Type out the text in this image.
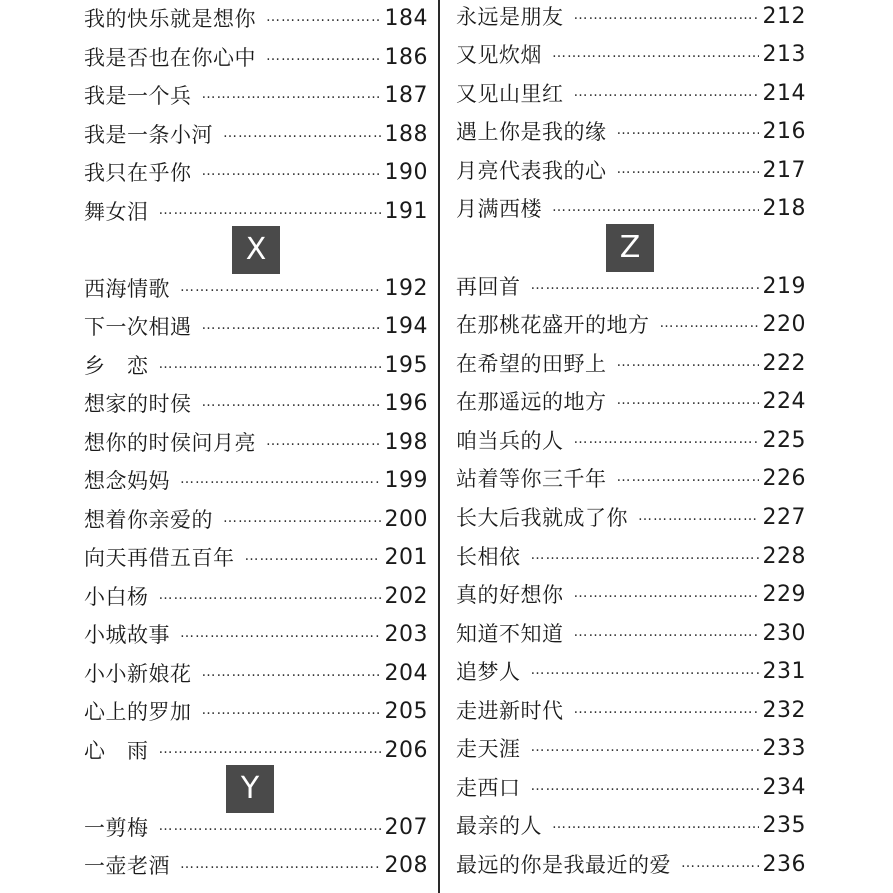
我的快乐就是想你 …………………………………………………………………………………………………………………………	184
我是否也在你心中 …………………………………………………………………………………………………………………………	186
我是一个兵 …………………………………………………………………………………………………………………………	187
我是一条小河 …………………………………………………………………………………………………………………………	188
我只在乎你 …………………………………………………………………………………………………………………………	190
舞女泪 …………………………………………………………………………………………………………………………	191
X
西海情歌 …………………………………………………………………………………………………………………………	192
下一次相遇 …………………………………………………………………………………………………………………………	194
乡　恋 …………………………………………………………………………………………………………………………	195
想家的时侯 …………………………………………………………………………………………………………………………	196
想你的时侯问月亮 …………………………………………………………………………………………………………………………	198
想念妈妈 …………………………………………………………………………………………………………………………	199
想着你亲爱的 …………………………………………………………………………………………………………………………	200
向天再借五百年 …………………………………………………………………………………………………………………………	201
小白杨 …………………………………………………………………………………………………………………………	202
小城故事 …………………………………………………………………………………………………………………………	203
小小新娘花 …………………………………………………………………………………………………………………………	204
心上的罗加 …………………………………………………………………………………………………………………………	205
心　雨 …………………………………………………………………………………………………………………………	206
Y
一剪梅 …………………………………………………………………………………………………………………………	207
一壶老酒 …………………………………………………………………………………………………………………………	208
永远是朋友 …………………………………………………………………………………………………………………………	212
又见炊烟 …………………………………………………………………………………………………………………………	213
又见山里红 …………………………………………………………………………………………………………………………	214
遇上你是我的缘 …………………………………………………………………………………………………………………………	216
月亮代表我的心 …………………………………………………………………………………………………………………………	217
月满西楼 …………………………………………………………………………………………………………………………	218
Z
再回首 …………………………………………………………………………………………………………………………	219
在那桃花盛开的地方 …………………………………………………………………………………………………………………………	220
在希望的田野上 …………………………………………………………………………………………………………………………	222
在那遥远的地方 …………………………………………………………………………………………………………………………	224
咱当兵的人 …………………………………………………………………………………………………………………………	225
站着等你三千年 …………………………………………………………………………………………………………………………	226
长大后我就成了你 …………………………………………………………………………………………………………………………	227
长相依 …………………………………………………………………………………………………………………………	228
真的好想你 …………………………………………………………………………………………………………………………	229
知道不知道 …………………………………………………………………………………………………………………………	230
追梦人 …………………………………………………………………………………………………………………………	231
走进新时代 …………………………………………………………………………………………………………………………	232
走天涯 …………………………………………………………………………………………………………………………	233
走西口 …………………………………………………………………………………………………………………………	234
最亲的人 …………………………………………………………………………………………………………………………	235
最远的你是我最近的爱 …………………………………………………………………………………………………………………………	236
